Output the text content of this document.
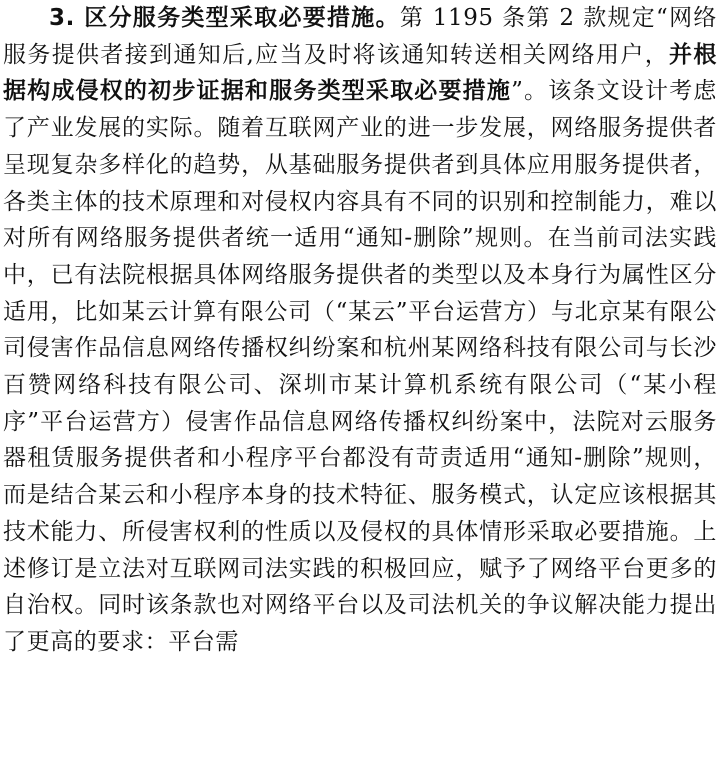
3. 区分服务类型采取必要措施。第 1195 条第 2 款规定“网络服务提供者接到通知后,应当及时将该通知转送相关网络用户，并根据构成侵权的初步证据和服务类型采取必要措施”。该条文设计考虑了产业发展的实际。随着互联网产业的进一步发展，网络服务提供者呈现复杂多样化的趋势，从基础服务提供者到具体应用服务提供者，各类主体的技术原理和对侵权内容具有不同的识别和控制能力，难以对所有网络服务提供者统一适用“通知-删除”规则。在当前司法实践中，已有法院根据具体网络服务提供者的类型以及本身行为属性区分适用，比如某云计算有限公司（“某云”平台运营方）与北京某有限公司侵害作品信息网络传播权纠纷案和杭州某网络科技有限公司与长沙百赞网络科技有限公司、深圳市某计算机系统有限公司（“某小程序”平台运营方）侵害作品信息网络传播权纠纷案中，法院对云服务器租赁服务提供者和小程序平台都没有苛责适用“通知-删除”规则，而是结合某云和小程序本身的技术特征、服务模式，认定应该根据其技术能力、所侵害权利的性质以及侵权的具体情形采取必要措施。上述修订是立法对互联网司法实践的积极回应，赋予了网络平台更多的自治权。同时该条款也对网络平台以及司法机关的争议解决能力提出了更高的要求：平台需
